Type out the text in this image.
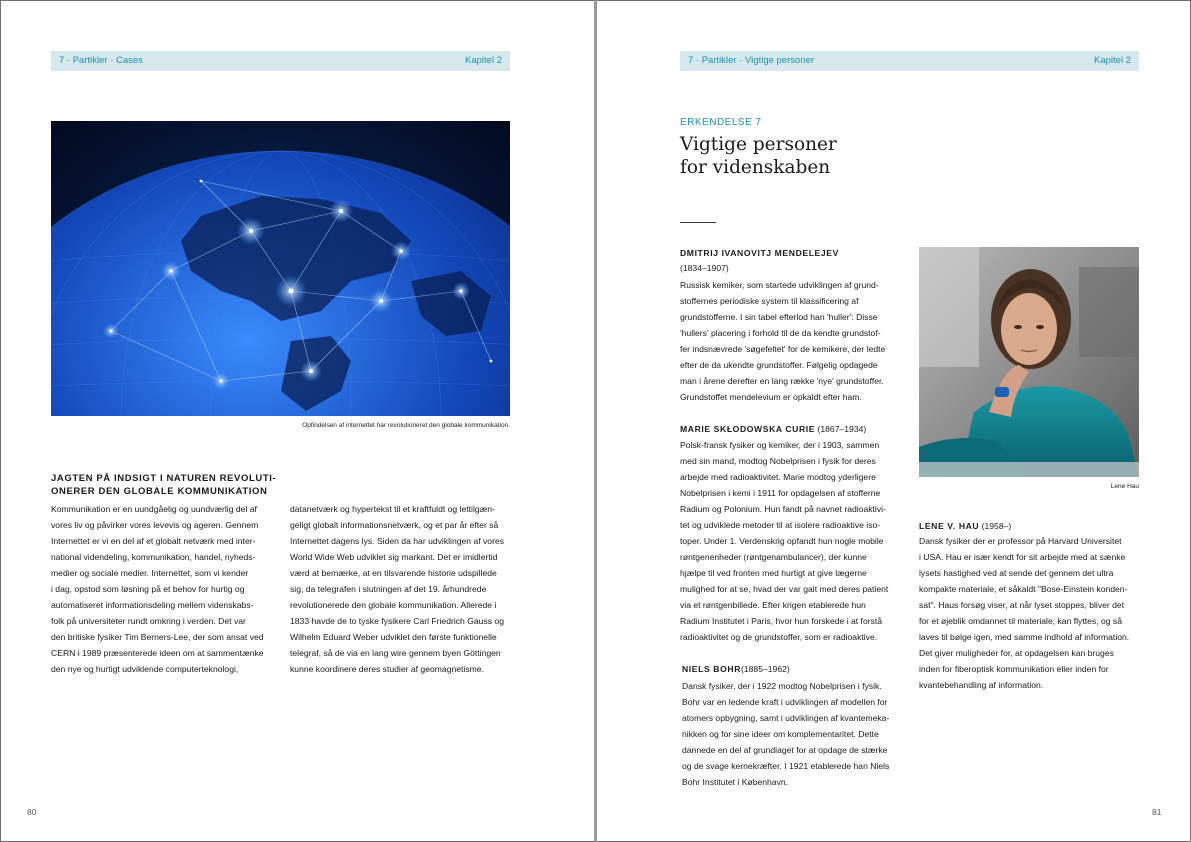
7 · Partikler · Cases	Kapitel 2
Opfindelsen af internettet har revolutioneret den globale kommunikation.
JAGTEN PÅ INDSIGT I NATUREN REVOLUTI-
ONERER DEN GLOBALE KOMMUNIKATION
Kommunikation er en uundgåelig og uundværlig del af
vores liv og påvirker vores levevis og ageren. Gennem
Internettet er vi en del af et globalt netværk med inter-
national videndeling, kommunikation, handel, nyheds-
medier og sociale medier. Internettet, som vi kender
i dag, opstod som løsning på et behov for hurtig og
automatiseret informationsdeling mellem videnskabs-
folk på universiteter rundt omkring i verden. Det var
den britiske fysiker Tim Berners-Lee, der som ansat ved
CERN i 1989 præsenterede ideen om at sammentænke
den nye og hurtigt udviklende computerteknologi,
datanetværk og hypertekst til et kraftfuldt og lettilgæn-
geligt globalt informationsnetværk, og et par år efter så
Internettet dagens lys. Siden da har udviklingen af vores
World Wide Web udviklet sig markant. Det er imidlertid
værd at bemærke, at en tilsvarende historie udspillede
sig, da telegrafen i slutningen af det 19. århundrede
revolutionerede den globale kommunikation. Allerede i
1833 havde de to tyske fysikere Carl Friedrich Gauss og
Wilhelm Eduard Weber udviklet den første funktionelle
telegraf, så de via en lang wire gennem byen Göttingen
kunne koordinere deres studier af geomagnetisme.
80
7 · Partikler · Vigtige personer	Kapitel 2
ERKENDELSE 7
Vigtige personer
for videnskaben
DMITRIJ IVANOVITJ MENDELEJEV
(1834–1907)
Russisk kemiker, som startede udviklingen af grund-
stoffernes periodiske system til klassificering af
grundstofferne. I sin tabel efterlod han 'huller': Disse
'hullers' placering i forhold til de da kendte grundstof-
fer indsnævrede 'søgefeltet' for de kemikere, der ledte
efter de da ukendte grundstoffer. Følgelig opdagede
man i årene derefter en lang række 'nye' grundstoffer.
Grundstoffet mendelevium er opkaldt efter ham.
MARIE SKŁODOWSKA CURIE (1867–1934)
Polsk-fransk fysiker og kemiker, der i 1903, sammen
med sin mand, modtog Nobelprisen i fysik for deres
arbejde med radioaktivitet. Marie modtog yderligere
Nobelprisen i kemi i 1911 for opdagelsen af stofferne
Radium og Polonium. Hun fandt på navnet radioaktivi-
tet og udviklede metoder til at isolere radioaktive iso-
toper. Under 1. Verdenskrig opfandt hun nogle mobile
røntgenenheder (røntgenambulancer), der kunne
hjælpe til ved fronten med hurtigt at give lægerne
mulighed for at se, hvad der var galt med deres patient
via et røntgenbillede. Efter krigen etablerede hun
Radium Institutet i Paris, hvor hun forskede i at forstå
radioaktivitet og de grundstoffer, som er radioaktive.
NIELS BOHR(1885–1962)
Dansk fysiker, der i 1922 modtog Nobelprisen i fysik.
Bohr var en ledende kraft i udviklingen af modellen for
atomers opbygning, samt i udviklingen af kvantemeka-
nikken og for sine ideer om komplementaritet. Dette
dannede en del af grundlaget for at opdage de stærke
og de svage kernekræfter. I 1921 etablerede han Niels
Bohr Institutet i København.
Lene Hau
LENE V. HAU (1958–)
Dansk fysiker der er professor på Harvard Universitet
i USA. Hau er især kendt for sit arbejde med at sænke
lysets hastighed ved at sende det gennem det ultra
kompakte materiale, et såkaldt "Bose-Einstein konden-
sat". Haus forsøg viser, at når lyset stoppes, bliver det
for et øjeblik omdannet til materiale, kan flyttes, og så
laves til bølge igen, med samme indhold af information.
Det giver muligheder for, at opdagelsen kan bruges
inden for fiberoptisk kommunikation eller inden for
kvantebehandling af information.
81
